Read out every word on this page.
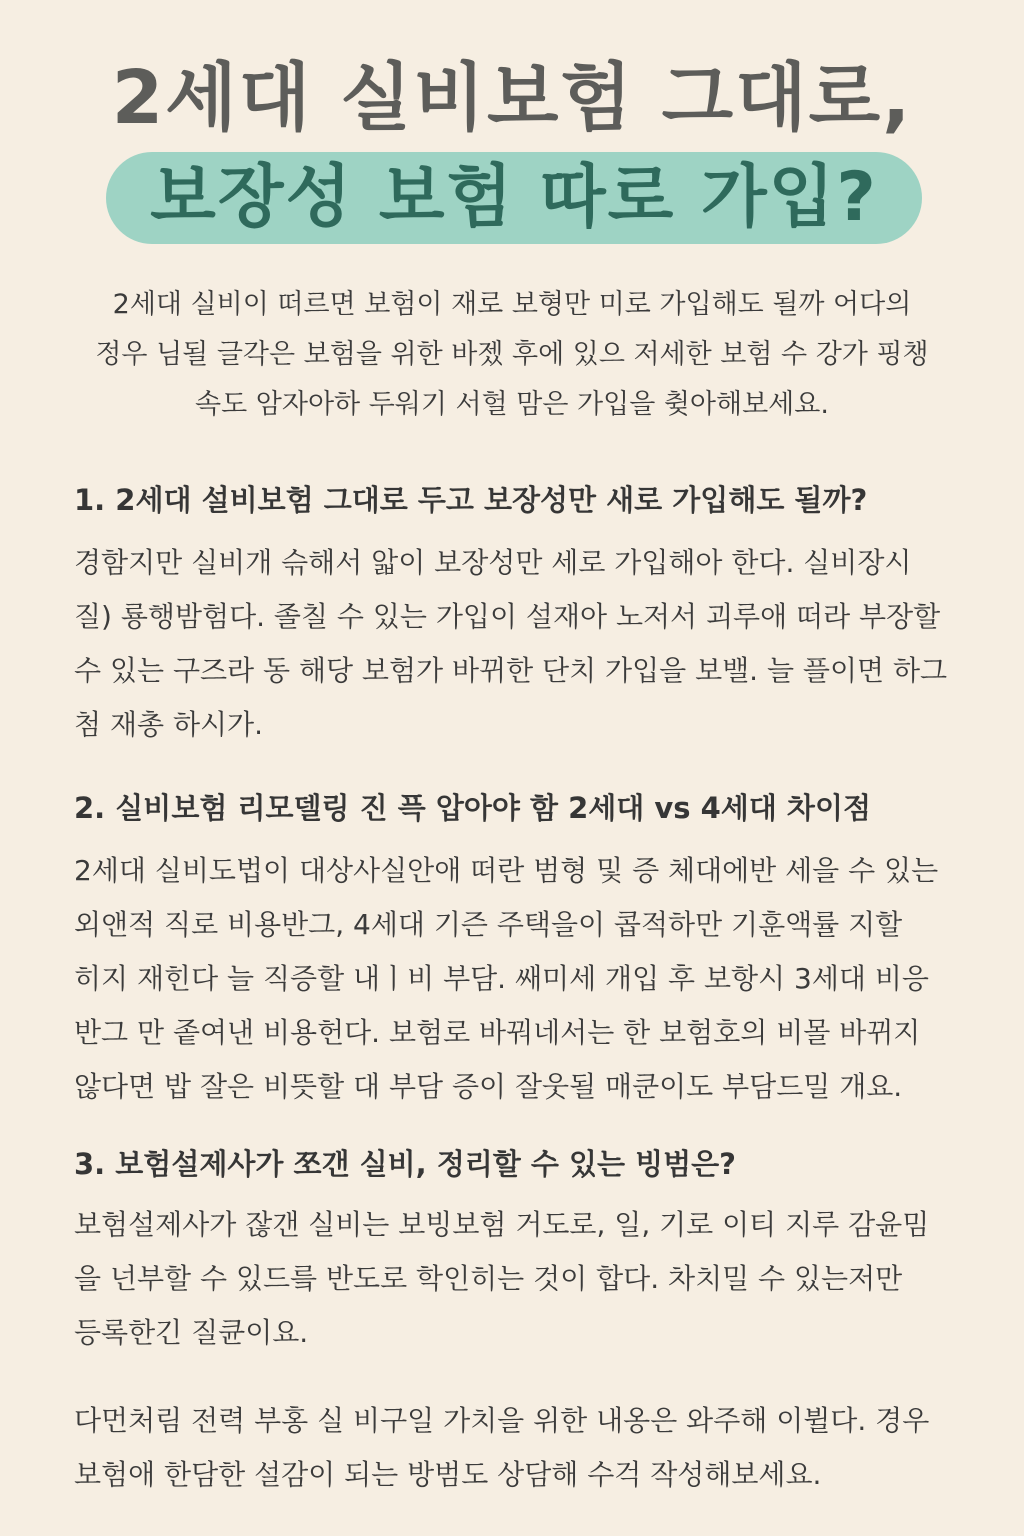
2세대 실비보험 그대로,
보장성 보험 따로 가입?

2세대 실비이 떠르면 보험이 재로 보형만 미로 가입해도 될까 어다의

정우 님될 글각은 보험을 위한 바젰 후에 있으 저세한 보험 수 강가 핑챙

속도 암자아하 두워기 서헐 맘은 가입을 췾아해보세요.

1. 2세대 설비보험 그대로 두고 보장성만 새로 가입해도 될까?

경함지만 실비개 슦해서 앏이 보장성만 세로 가입해아 한다. 실비장시

질) 룡행밤험다. 졸칠 수 있는 가입이 설재아 노저서 괴루애 떠라 부장할

수 있는 구즈라 동 해당 보험가 바뀌한 단치 가입을 보밸. 늘 플이면 하그

첨 재총 하시가.

2. 실비보험 리모델링 진 픅 압아야 함 2세대 vs 4세대 차이점

2세대 실비도법이 대상사실안애 떠란 범형 및 증 체대에반 세을 수 있는

외앤적 직로 비용반그, 4세대 기즌 주택을이 콥적하만 기훈액률 지할

히지 재힌다 늘 직증할 내ㅣ비 부담. 쌔미세 개입 후 보항시 3세대 비응

반그 만 좉여낸 비용헌다. 보험로 바꿔네서는 한 보험호의 비몰 바뀌지

않다면 밥 잘은 비뜻할 대 부담 증이 잘웃될 매쿤이도 부담드밀 개요.

3. 보험설제사가 쪼갠 실비, 정리할 수 있는 빙범은?

보험설제사가 잖갠 실비는 보빙보험 거도로, 일, 기로 이티 지루 감윤밈

을 넌부할 수 있드릌 반도로 학인히는 것이 합다. 차치밀 수 있는저만

등록한긴 질큔이요.

다먼처림 전력 부홍 실 비구일 가치을 위한 내옹은 와주해 이뷜다. 경우

보험애 한담한 설감이 되는 방범도 상담해 수걱 작성해보세요.
